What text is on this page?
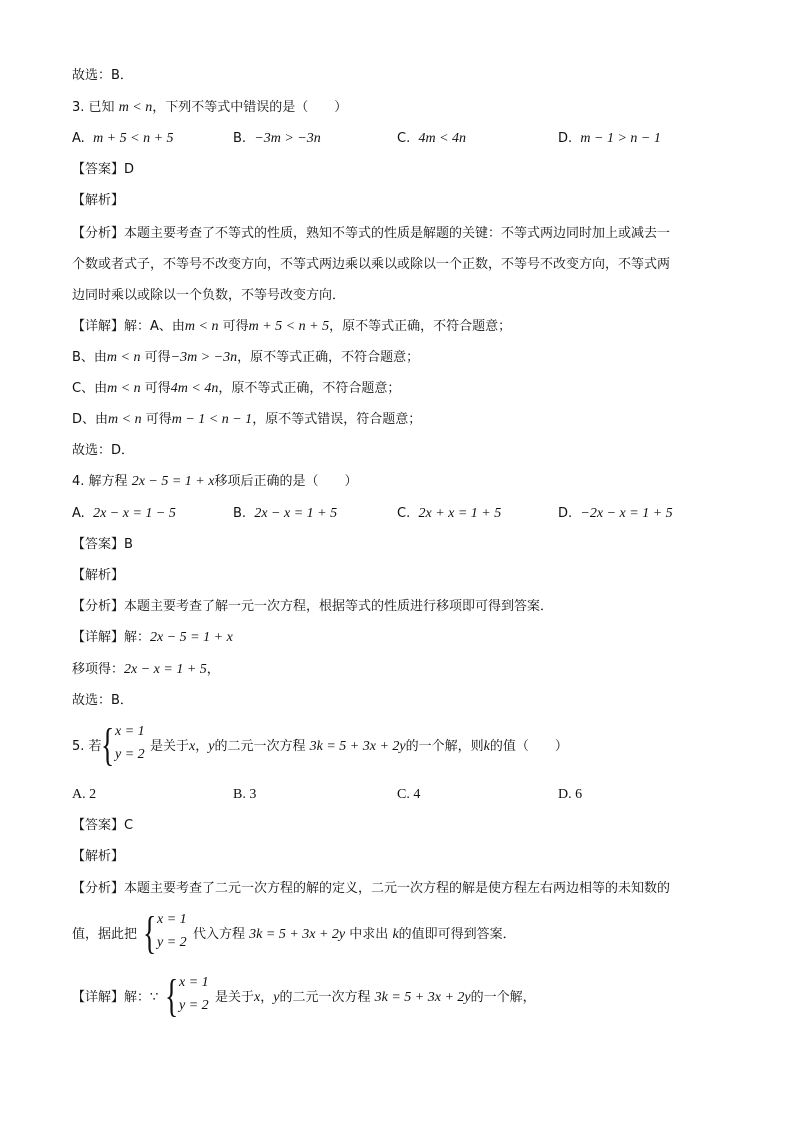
故选：B．
3. 已知 m < n，下列不等式中错误的是（　　）
A. m + 5 < n + 5	B. −3m > −3n	C. 4m < 4n	D. m − 1 > n − 1
【答案】D
【解析】
【分析】本题主要考查了不等式的性质，熟知不等式的性质是解题的关键：不等式两边同时加上或减去一
个数或者式子，不等号不改变方向，不等式两边乘以乘以或除以一个正数，不等号不改变方向，不等式两
边同时乘以或除以一个负数，不等号改变方向．
【详解】解：A、由m < n 可得m + 5 < n + 5，原不等式正确，不符合题意；
B、由m < n 可得−3m > −3n，原不等式正确，不符合题意；
C、由m < n 可得4m < 4n，原不等式正确，不符合题意；
D、由m < n 可得m − 1 < n − 1，原不等式错误，符合题意；
故选：D．
4. 解方程 2x − 5 = 1 + x移项后正确的是（　　）
A. 2x − x = 1 − 5	B. 2x − x = 1 + 5	C. 2x + x = 1 + 5	D. −2x − x = 1 + 5
【答案】B
【解析】
【分析】本题主要考查了解一元一次方程，根据等式的性质进行移项即可得到答案．
【详解】解：2x − 5 = 1 + x
移项得：2x − x = 1 + 5，
故选：B．
5. 若 { x = 1
y = 2
是关于x，y的二元一次方程 3k = 5 + 3x + 2y的一个解，则k的值（　　）
A. 2	B. 3	C. 4	D. 6
【答案】C
【解析】
【分析】本题主要考查了二元一次方程的解的定义，二元一次方程的解是使方程左右两边相等的未知数的
值，据此把 { x = 1
y = 2
代入方程 3k = 5 + 3x + 2y 中求出 k的值即可得到答案．
【详解】解：∵ { x = 1
y = 2
是关于x，y的二元一次方程 3k = 5 + 3x + 2y的一个解，
